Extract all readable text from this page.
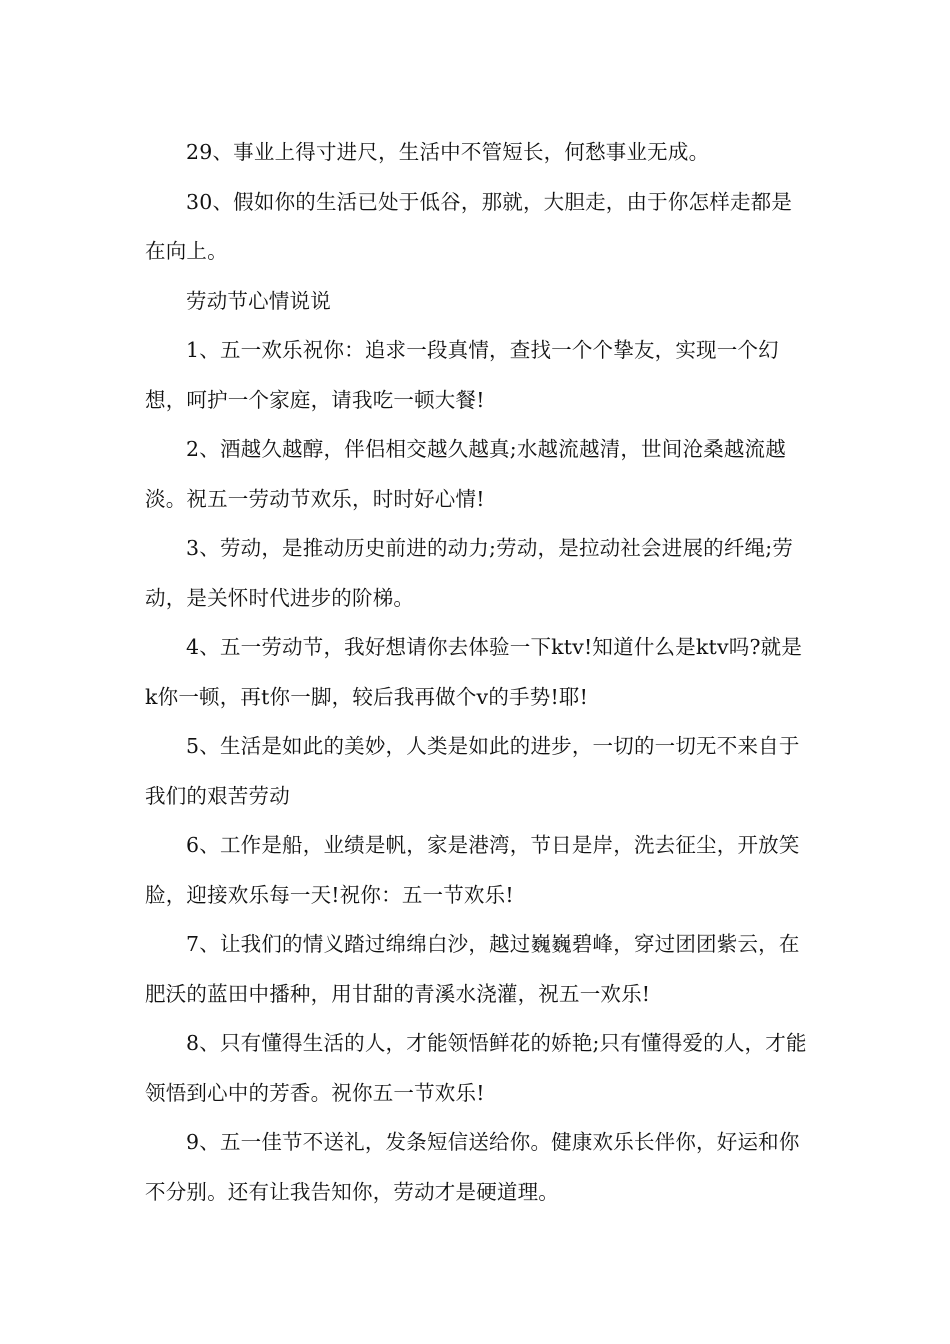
29、事业上得寸进尺，生活中不管短长，何愁事业无成。

30、假如你的生活已处于低谷，那就，大胆走，由于你怎样走都是在向上。

劳动节心情说说

1、五一欢乐祝你：追求一段真情，查找一个个挚友，实现一个幻想，呵护一个家庭，请我吃一顿大餐!

2、酒越久越醇，伴侣相交越久越真;水越流越清，世间沧桑越流越淡。祝五一劳动节欢乐，时时好心情!

3、劳动，是推动历史前进的动力;劳动，是拉动社会进展的纤绳;劳动，是关怀时代进步的阶梯。

4、五一劳动节，我好想请你去体验一下ktv!知道什么是ktv吗?就是k你一顿，再t你一脚，较后我再做个v的手势!耶!

5、生活是如此的美妙，人类是如此的进步，一切的一切无不来自于我们的艰苦劳动

6、工作是船，业绩是帆，家是港湾，节日是岸，洗去征尘，开放笑脸，迎接欢乐每一天!祝你：五一节欢乐!

7、让我们的情义踏过绵绵白沙，越过巍巍碧峰，穿过团团紫云，在肥沃的蓝田中播种，用甘甜的青溪水浇灌，祝五一欢乐!

8、只有懂得生活的人，才能领悟鲜花的娇艳;只有懂得爱的人，才能领悟到心中的芳香。祝你五一节欢乐!

9、五一佳节不送礼，发条短信送给你。健康欢乐长伴你，好运和你不分别。还有让我告知你，劳动才是硬道理。
